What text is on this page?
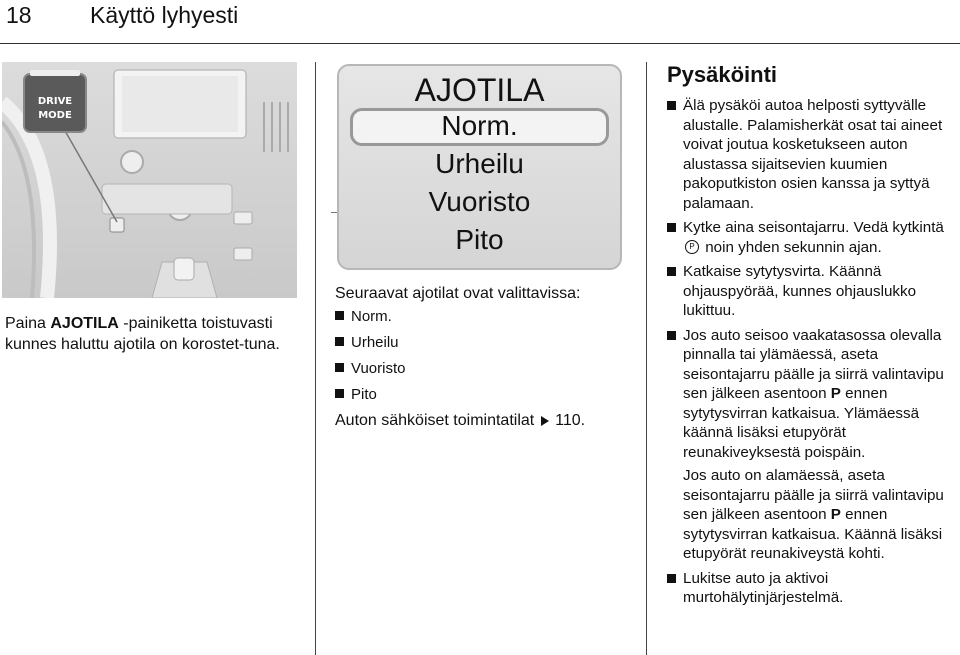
18	Käyttö lyhyesti
DRIVE
MODE
Paina AJOTILA -painiketta toistuvasti kunnes haluttu ajotila on korostet-tuna.
AJOTILA
Norm.
Urheilu
Vuoristo
Pito

Seuraavat ajotilat ovat valittavissa:

Norm.
Urheilu
Vuoristo
Pito

Auton sähköiset toimintatilat 110.

Pysäköinti
Älä pysäköi autoa helposti syttyvälle alustalle. Palamisherkät osat tai aineet voivat joutua kosketukseen auton alustassa sijaitsevien kuumien pakoputkiston osien kanssa ja syttyä palamaan.
Kytke aina seisontajarru. Vedä kytkintä P noin yhden sekunnin ajan.
Katkaise sytytysvirta. Käännä ohjauspyörää, kunnes ohjauslukko lukittuu.
Jos auto seisoo vaakatasossa olevalla pinnalla tai ylämäessä, aseta seisontajarru päälle ja siirrä valintavipu sen jälkeen asentoon P ennen sytytysvirran katkaisua. Ylämäessä käännä lisäksi etupyörät reunakiveyksestä poispäin.

Jos auto on alamäessä, aseta seisontajarru päälle ja siirrä valintavipu sen jälkeen asentoon P ennen sytytysvirran katkaisua. Käännä lisäksi etupyörät reunakiveystä kohti.

Lukitse auto ja aktivoi murtohälytinjärjestelmä.
